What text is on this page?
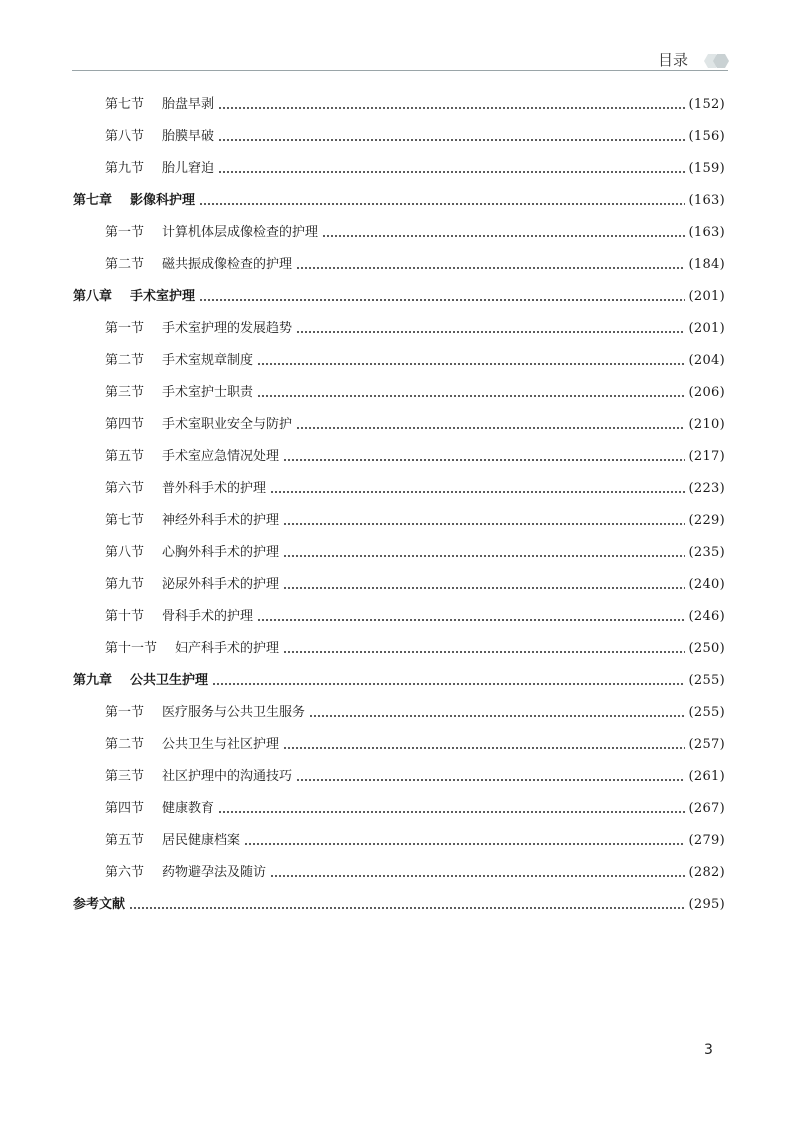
目录
第七节 胎盘早剥	(152)
第八节 胎膜早破	(156)
第九节 胎儿窘迫	(159)
第七章 影像科护理	(163)
第一节 计算机体层成像检查的护理	(163)
第二节 磁共振成像检查的护理	(184)
第八章 手术室护理	(201)
第一节 手术室护理的发展趋势	(201)
第二节 手术室规章制度	(204)
第三节 手术室护士职责	(206)
第四节 手术室职业安全与防护	(210)
第五节 手术室应急情况处理	(217)
第六节 普外科手术的护理	(223)
第七节 神经外科手术的护理	(229)
第八节 心胸外科手术的护理	(235)
第九节 泌尿外科手术的护理	(240)
第十节 骨科手术的护理	(246)
第十一节 妇产科手术的护理	(250)
第九章 公共卫生护理	(255)
第一节 医疗服务与公共卫生服务	(255)
第二节 公共卫生与社区护理	(257)
第三节 社区护理中的沟通技巧	(261)
第四节 健康教育	(267)
第五节 居民健康档案	(279)
第六节 药物避孕法及随访	(282)
参考文献	(295)
3
